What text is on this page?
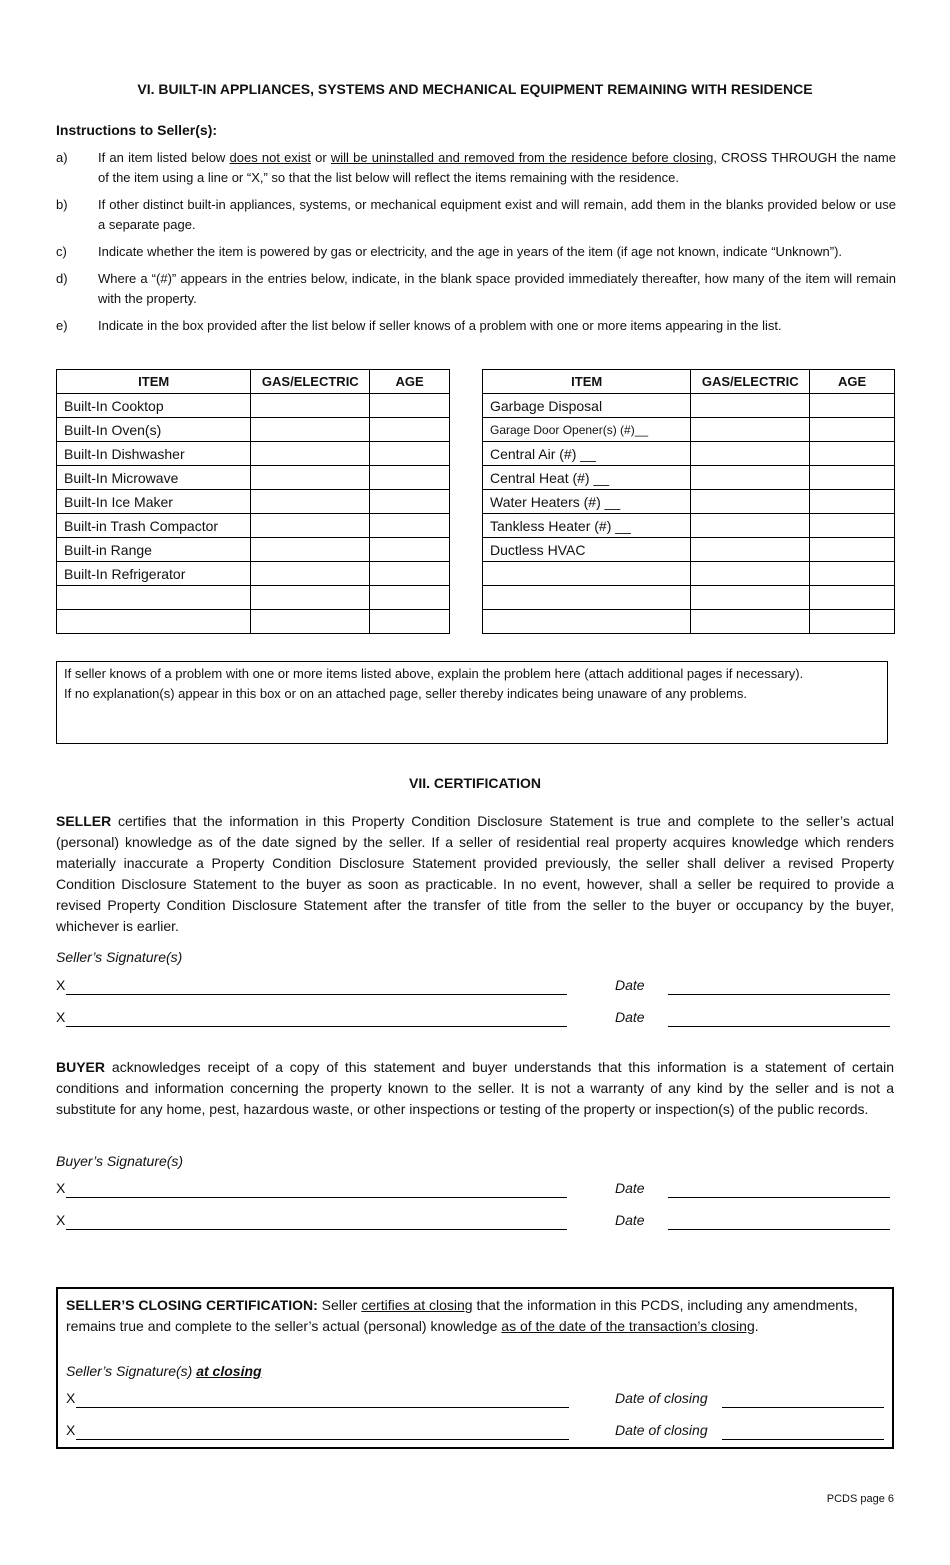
VI. BUILT-IN APPLIANCES, SYSTEMS AND MECHANICAL EQUIPMENT REMAINING WITH RESIDENCE
Instructions to Seller(s):
a)	If an item listed below does not exist or will be uninstalled and removed from the residence before closing, CROSS THROUGH the name of the item using a line or “X,” so that the list below will reflect the items remaining with the residence.
b)	If other distinct built-in appliances, systems, or mechanical equipment exist and will remain, add them in the blanks provided below or use a separate page.
c)	Indicate whether the item is powered by gas or electricity, and the age in years of the item (if age not known, indicate “Unknown”).
d)	Where a “(#)” appears in the entries below, indicate, in the blank space provided immediately thereafter, how many of the item will remain with the property.
e)	Indicate in the box provided after the list below if seller knows of a problem with one or more items appearing in the list.
ITEM	GAS/ELECTRIC	AGE
Built-In Cooktop		
Built-In Oven(s)		
Built-In Dishwasher		
Built-In Microwave		
Built-In Ice Maker		
Built-in Trash Compactor		
Built-in Range		
Built-In Refrigerator		

ITEM	GAS/ELECTRIC	AGE
Garbage Disposal		
Garage Door Opener(s) (#)__		
Central Air (#) __		
Central Heat (#) __		
Water Heaters (#) __		
Tankless Heater (#) __		
Ductless HVAC		

If seller knows of a problem with one or more items listed above, explain the problem here (attach additional pages if necessary).
If no explanation(s) appear in this box or on an attached page, seller thereby indicates being unaware of any problems.
VII. CERTIFICATION
SELLER certifies that the information in this Property Condition Disclosure Statement is true and complete to the seller’s actual (personal) knowledge as of the date signed by the seller. If a seller of residential real property acquires knowledge which renders materially inaccurate a Property Condition Disclosure Statement provided previously, the seller shall deliver a revised Property Condition Disclosure Statement to the buyer as soon as practicable. In no event, however, shall a seller be required to provide a revised Property Condition Disclosure Statement after the transfer of title from the seller to the buyer or occupancy by the buyer, whichever is earlier.
Seller’s Signature(s)
X	Date
X	Date
BUYER acknowledges receipt of a copy of this statement and buyer understands that this information is a statement of certain conditions and information concerning the property known to the seller. It is not a warranty of any kind by the seller and is not a substitute for any home, pest, hazardous waste, or other inspections or testing of the property or inspection(s) of the public records.
Buyer’s Signature(s)
X	Date
X	Date
SELLER’S CLOSING CERTIFICATION: Seller certifies at closing that the information in this PCDS, including any amendments, remains true and complete to the seller’s actual (personal) knowledge as of the date of the transaction’s closing.
Seller’s Signature(s) at closing
X	Date of closing
X	Date of closing
PCDS page 6
